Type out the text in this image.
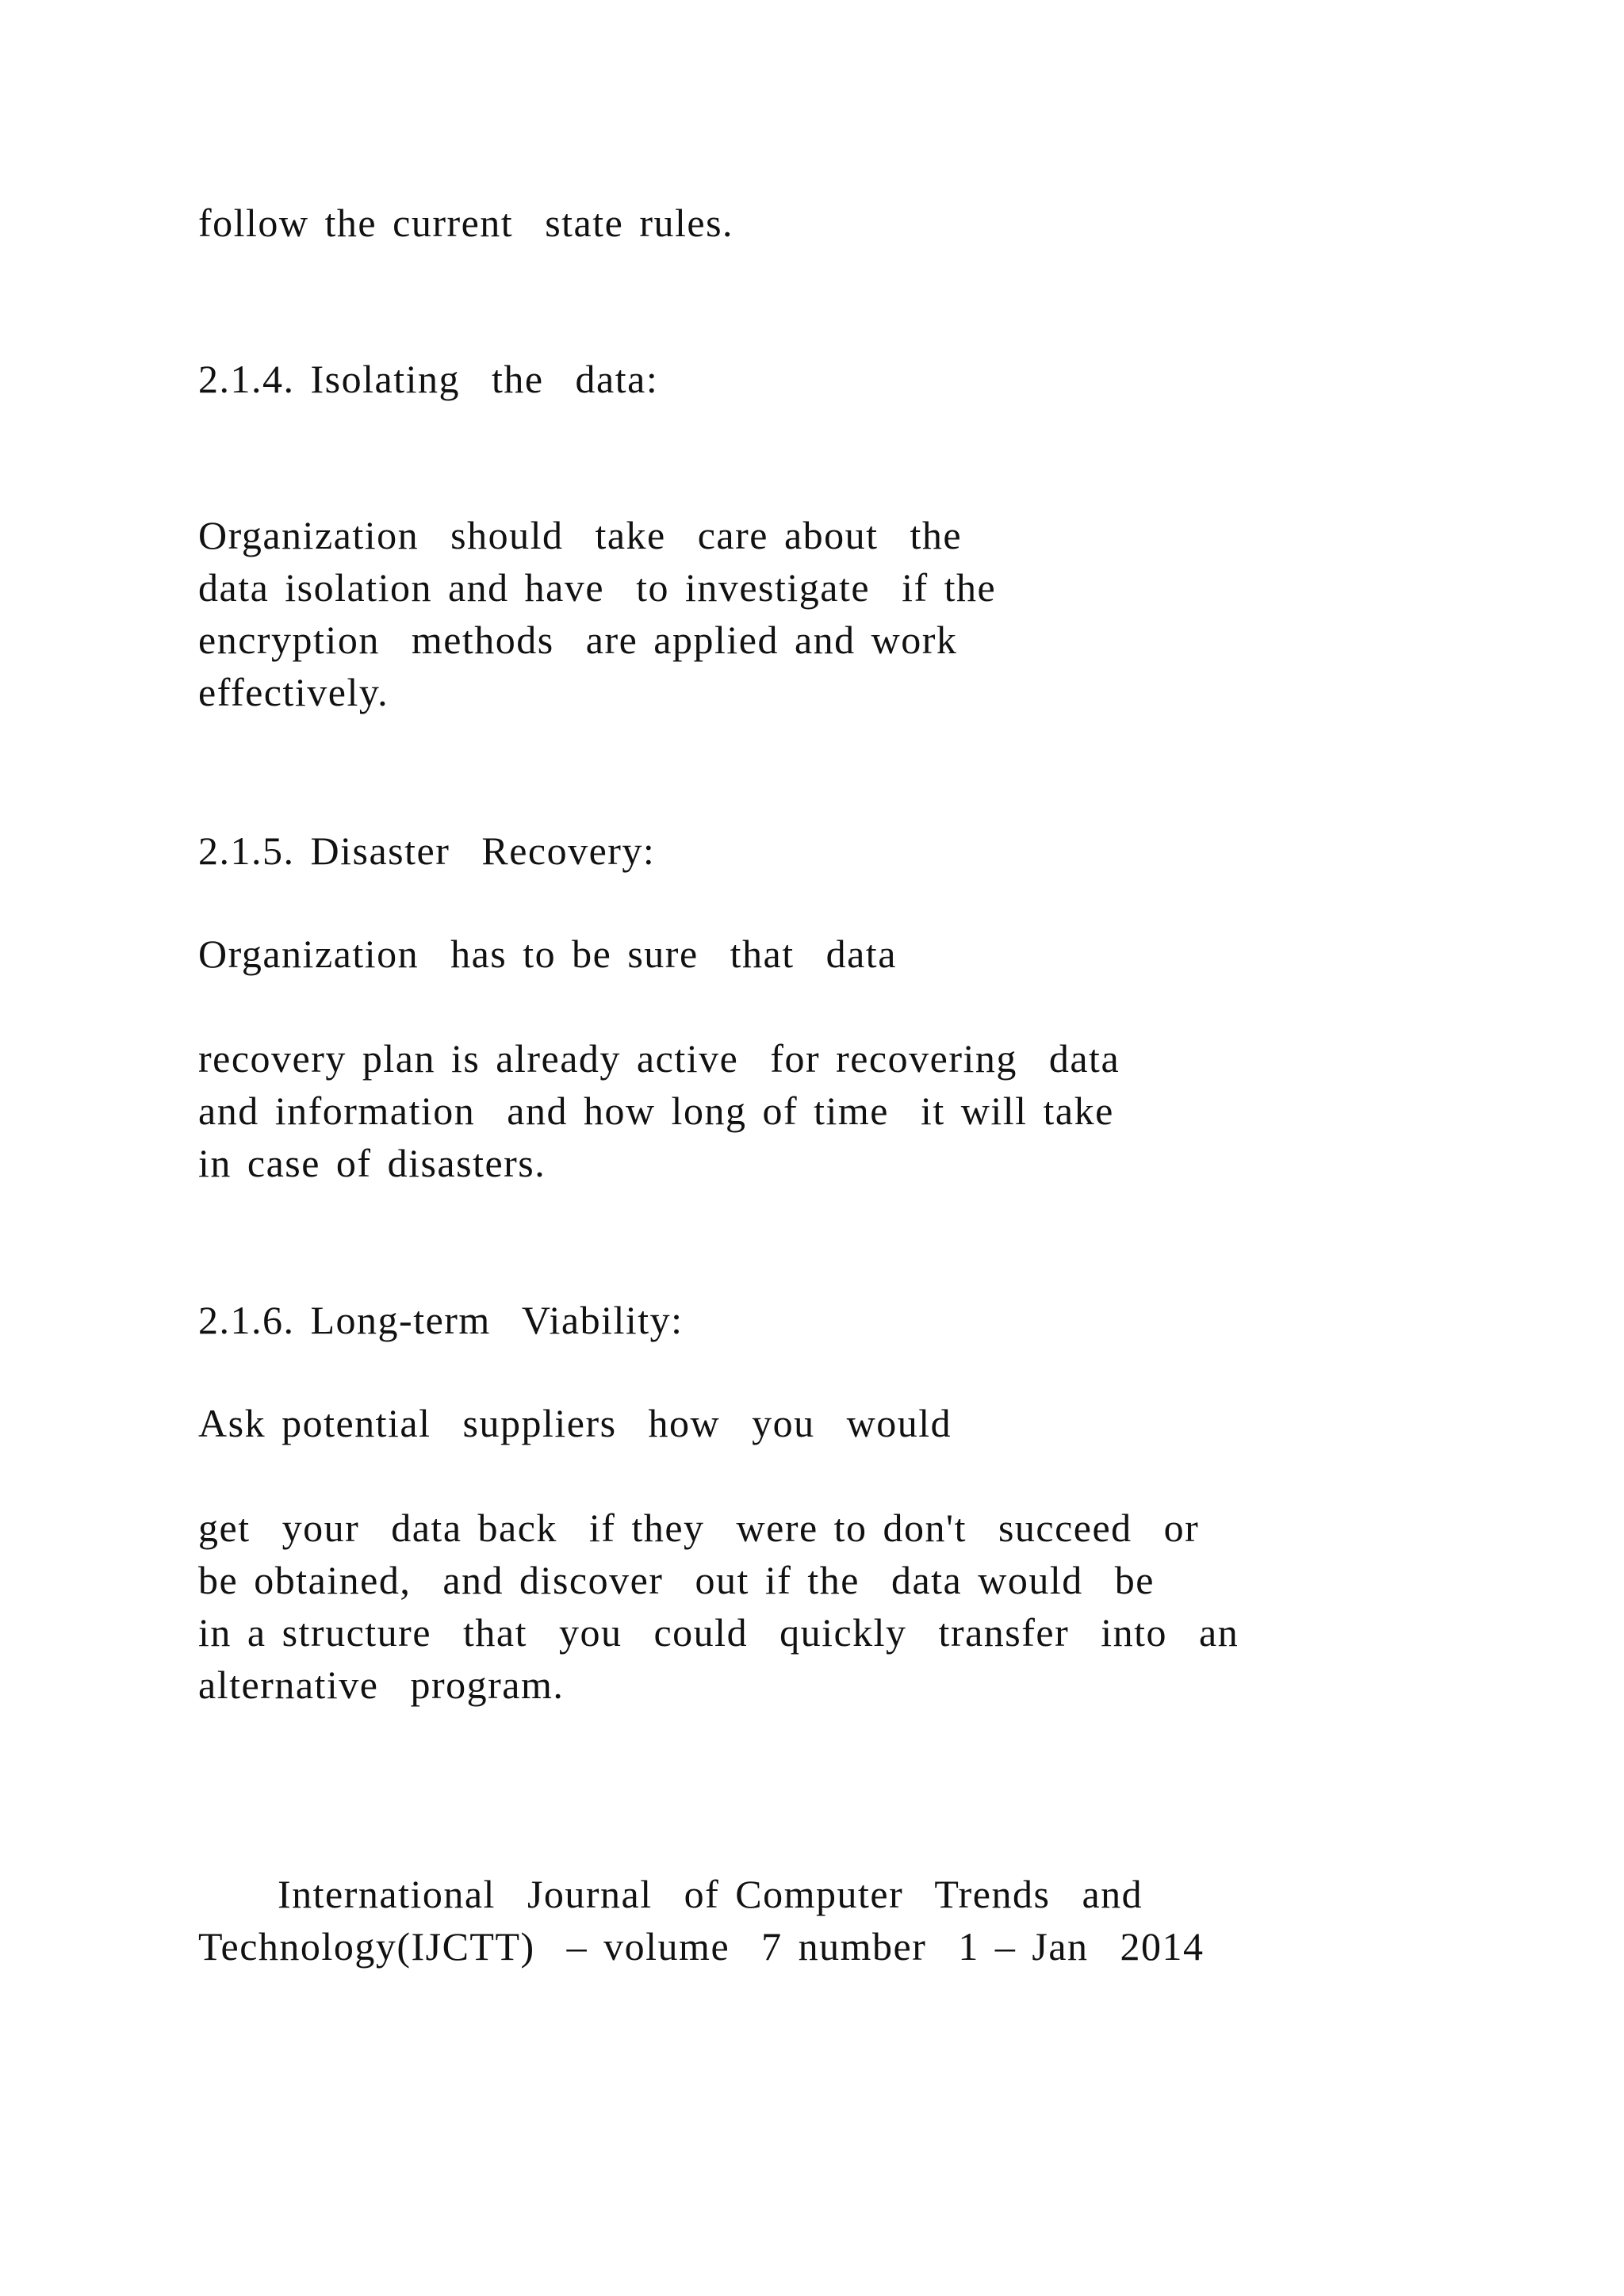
follow the current  state rules.
2.1.4. Isolating  the  data:
Organization  should  take  care about  the
data isolation and have  to investigate  if the
encryption  methods  are applied and work
effectively.
2.1.5. Disaster  Recovery:
Organization  has to be sure  that  data
recovery plan is already active  for recovering  data
and information  and how long of time  it will take
in case of disasters.
2.1.6. Long-term  Viability:
Ask potential  suppliers  how  you  would
get  your  data back  if they  were to don't  succeed  or
be obtained,  and discover  out if the  data would  be
in a structure  that  you  could  quickly  transfer  into  an
alternative  program.
International  Journal  of Computer  Trends  and
Technology(IJCTT)  – volume  7 number  1 – Jan  2014
